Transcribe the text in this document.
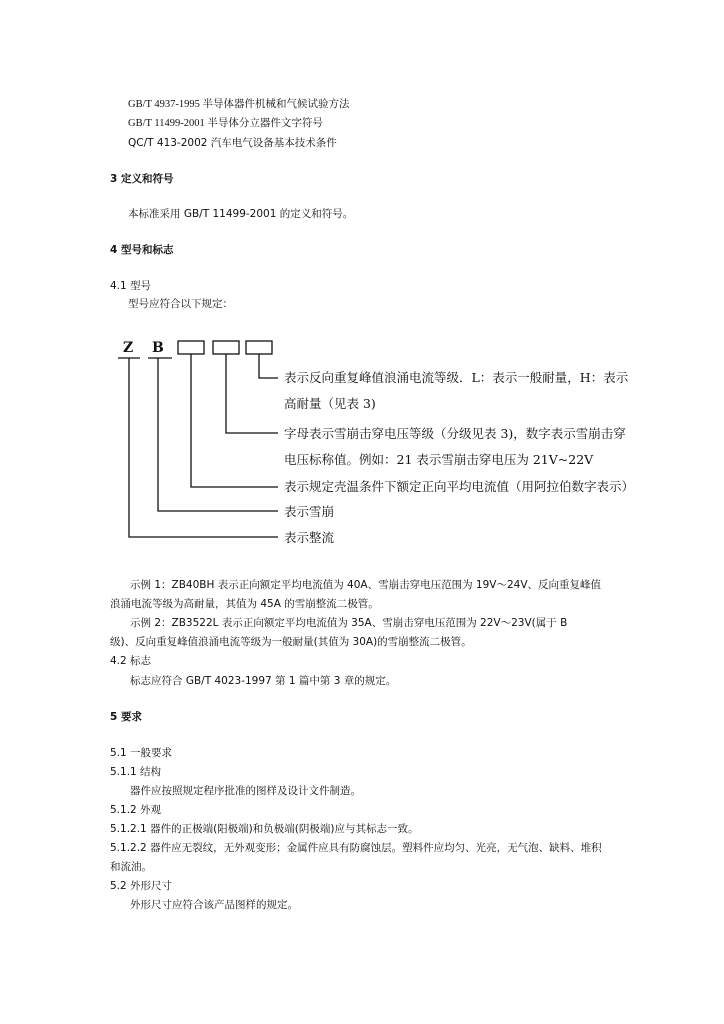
GB/T 4937-1995 半导体器件机械和气候试验方法
GB/T 11499-2001 半导体分立器件文字符号
QC/T 413-2002 汽车电气设备基本技术条件
3 定义和符号
本标准采用 GB/T 11499-2001 的定义和符号。
4 型号和标志
4.1 型号
型号应符合以下规定：
Z B
表示反向重复峰值浪涌电流等级．L：表示一般耐量，H：表示
高耐量（见表 3)
字母表示雪崩击穿电压等级（分级见表 3)，数字表示雪崩击穿
电压标称值。例如：21 表示雪崩击穿电压为 21V~22V
表示规定壳温条件下额定正向平均电流值（用阿拉伯数字表示）
表示雪崩
表示整流
示例 1：ZB40BH 表示正向额定平均电流值为 40A、雪崩击穿电压范围为 19V～24V、反向重复峰值
浪涌电流等级为高耐量，其值为 45A 的雪崩整流二极管。
示例 2：ZB3522L 表示正向额定平均电流值为 35A、雪崩击穿电压范围为 22V～23V(属于 B
级)、反向重复峰值浪涌电流等级为一般耐量(其值为 30A)的雪崩整流二极管。
4.2 标志
标志应符合 GB/T 4023-1997 第 1 篇中第 3 章的规定。
5 要求
5.1 一般要求
5.1.1 结构
器件应按照规定程序批准的图样及设计文件制造。
5.1.2 外观
5.1.2.1 器件的正极端(阳极端)和负极端(阴极端)应与其标志一致。
5.1.2.2 器件应无裂纹，无外观变形；金属件应具有防腐蚀层。塑料件应均匀、光亮，无气泡、缺料、堆积
和流油。
5.2 外形尺寸
外形尺寸应符合该产品图样的规定。
